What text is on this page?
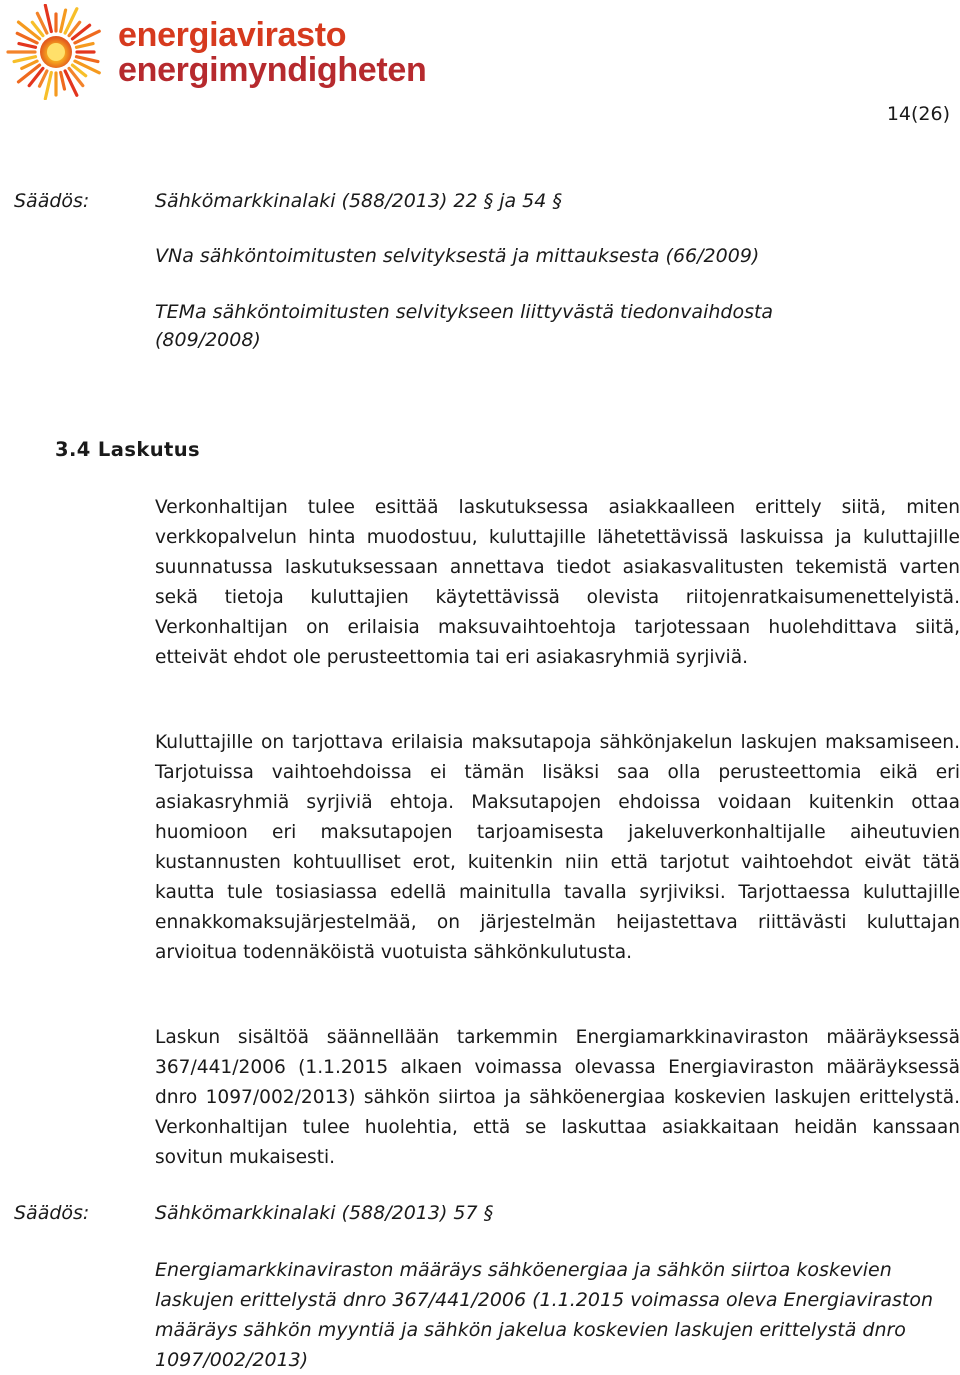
energiavirasto
energimyndigheten
14(26)
Säädös:	Sähkömarkkinalaki (588/2013) 22 § ja 54 §
VNa sähköntoimitusten selvityksestä ja mittauksesta (66/2009)
TEMa sähköntoimitusten selvitykseen liittyvästä tiedonvaihdosta (809/2008)
3.4 Laskutus
Verkonhaltijan tulee esittää laskutuksessa asiakkaalleen erittely siitä, miten verkkopalvelun hinta muodostuu, kuluttajille lähetettävissä laskuissa ja kuluttajille suunnatussa laskutuksessaan annettava tiedot asiakasvalitusten tekemistä varten sekä tietoja kuluttajien käytettävissä olevista riitojenratkaisumenettelyistä. Verkonhaltijan on erilaisia maksuvaihtoehtoja tarjotessaan huolehdittava siitä, etteivät ehdot ole perusteettomia tai eri asiakasryhmiä syrjiviä.
Kuluttajille on tarjottava erilaisia maksutapoja sähkönjakelun laskujen maksamiseen. Tarjotuissa vaihtoehdoissa ei tämän lisäksi saa olla perusteettomia eikä eri asiakasryhmiä syrjiviä ehtoja. Maksutapojen ehdoissa voidaan kuitenkin ottaa huomioon eri maksutapojen tarjoamisesta jakeluverkonhaltijalle aiheutuvien kustannusten kohtuulliset erot, kuitenkin niin että tarjotut vaihtoehdot eivät tätä kautta tule tosiasiassa edellä mainitulla tavalla syrjiviksi. Tarjottaessa kuluttajille ennakkomaksujärjestelmää, on järjestelmän heijastettava riittävästi kuluttajan arvioitua todennäköistä vuotuista sähkönkulutusta.
Laskun sisältöä säännellään tarkemmin Energiamarkkinaviraston määräyksessä 367/441/2006 (1.1.2015 alkaen voimassa olevassa Energiaviraston määräyksessä dnro 1097/002/2013) sähkön siirtoa ja sähköenergiaa koskevien laskujen erittelystä. Verkonhaltijan tulee huolehtia, että se laskuttaa asiakkaitaan heidän kanssaan sovitun mukaisesti.
Säädös:	Sähkömarkkinalaki (588/2013) 57 §
Energiamarkkinaviraston määräys sähköenergiaa ja sähkön siirtoa koskevien laskujen erittelystä dnro 367/441/2006 (1.1.2015 voimassa oleva Energiaviraston määräys sähkön myyntiä ja sähkön jakelua koskevien laskujen erittelystä dnro 1097/002/2013)
